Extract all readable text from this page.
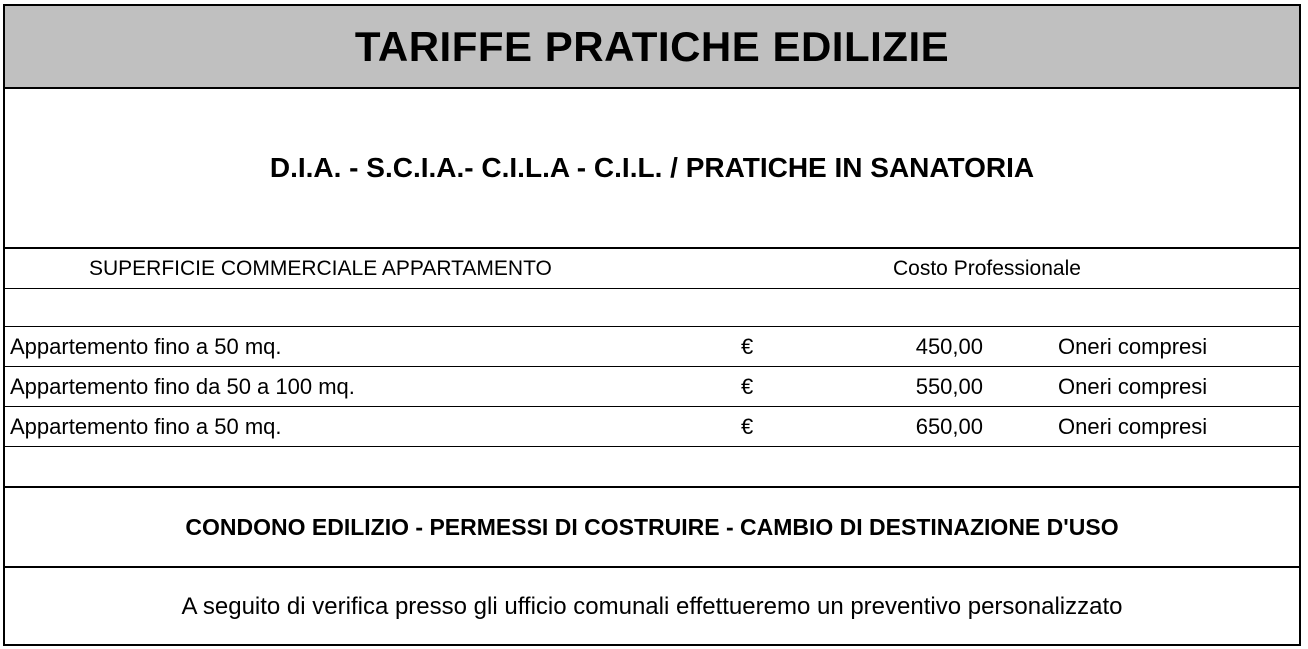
TARIFFE PRATICHE EDILIZIE
D.I.A. - S.C.I.A.- C.I.L.A - C.I.L. / PRATICHE IN SANATORIA
SUPERFICIE COMMERCIALE APPARTAMENTO	Costo Professionale
Appartemento fino a 50 mq.	€	450,00	Oneri compresi
Appartemento fino da 50 a 100 mq.	€	550,00	Oneri compresi
Appartemento fino a 50 mq.	€	650,00	Oneri compresi
CONDONO EDILIZIO - PERMESSI DI COSTRUIRE - CAMBIO DI DESTINAZIONE D'USO
A seguito di verifica presso gli ufficio comunali effettueremo un preventivo personalizzato
